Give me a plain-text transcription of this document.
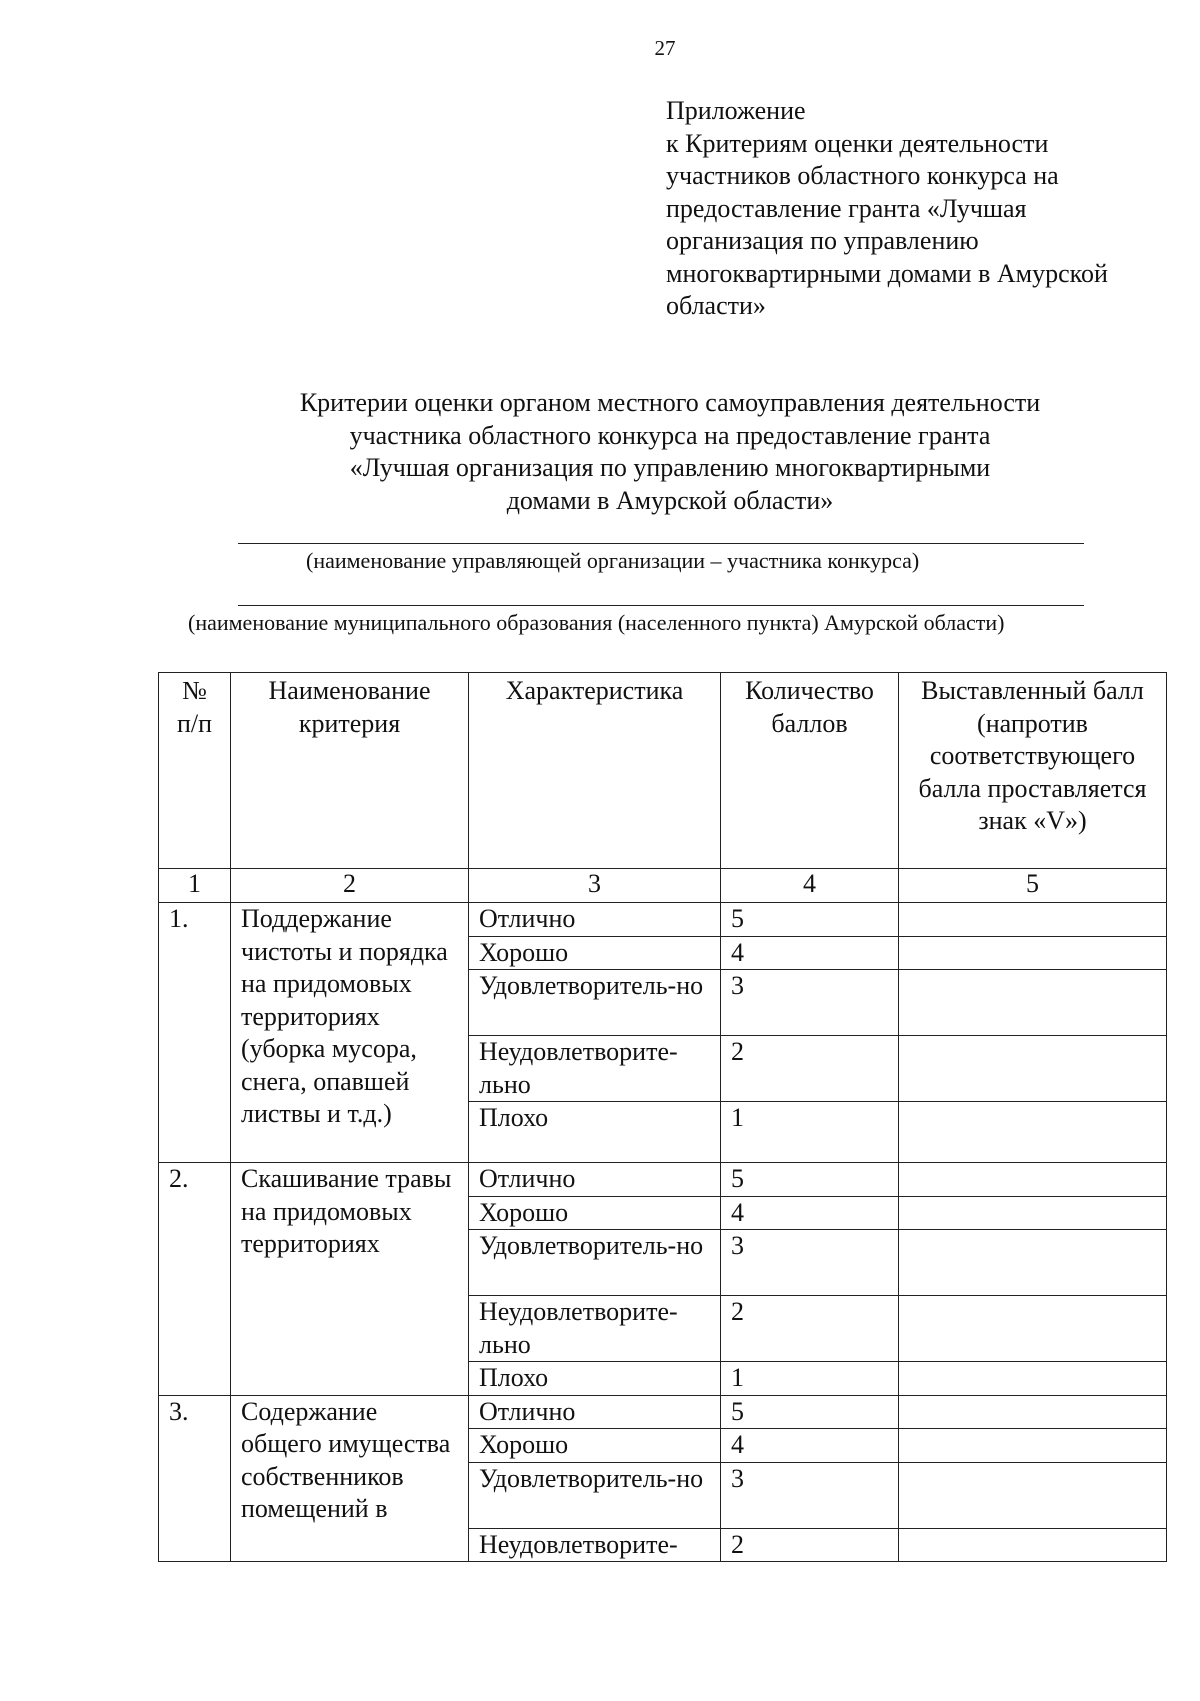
27
Приложение
к Критериям оценки деятельности
участников областного конкурса на
предоставление гранта «Лучшая
организация по управлению
многоквартирными домами в Амурской
области»
Критерии оценки органом местного самоуправления деятельности
участника областного конкурса на предоставление гранта
«Лучшая организация по управлению многоквартирными
домами в Амурской области»
(наименование управляющей организации – участника конкурса)
(наименование муниципального образования (населенного пункта) Амурской области)
№ п/п	Наименование критерия	Характеристика	Количество баллов	Выставленный балл (напротив соответствующего балла проставляется знак «V»)
1	2	3	4	5
1.	Поддержание чистоты и порядка на придомовых территориях (уборка мусора, снега, опавшей листвы и т.д.)	Отлично	5	
		Хорошо	4	
		Удовлетворитель-но	3	
		Неудовлетворите-льно	2	
		Плохо	1	
2.	Скашивание травы на придомовых территориях	Отлично	5	
		Хорошо	4	
		Удовлетворитель-но	3	
		Неудовлетворите-льно	2	
		Плохо	1	
3.	Содержание общего имущества собственников помещений в	Отлично	5	
		Хорошо	4	
		Удовлетворитель-но	3	
		Неудовлетворите-	2	
